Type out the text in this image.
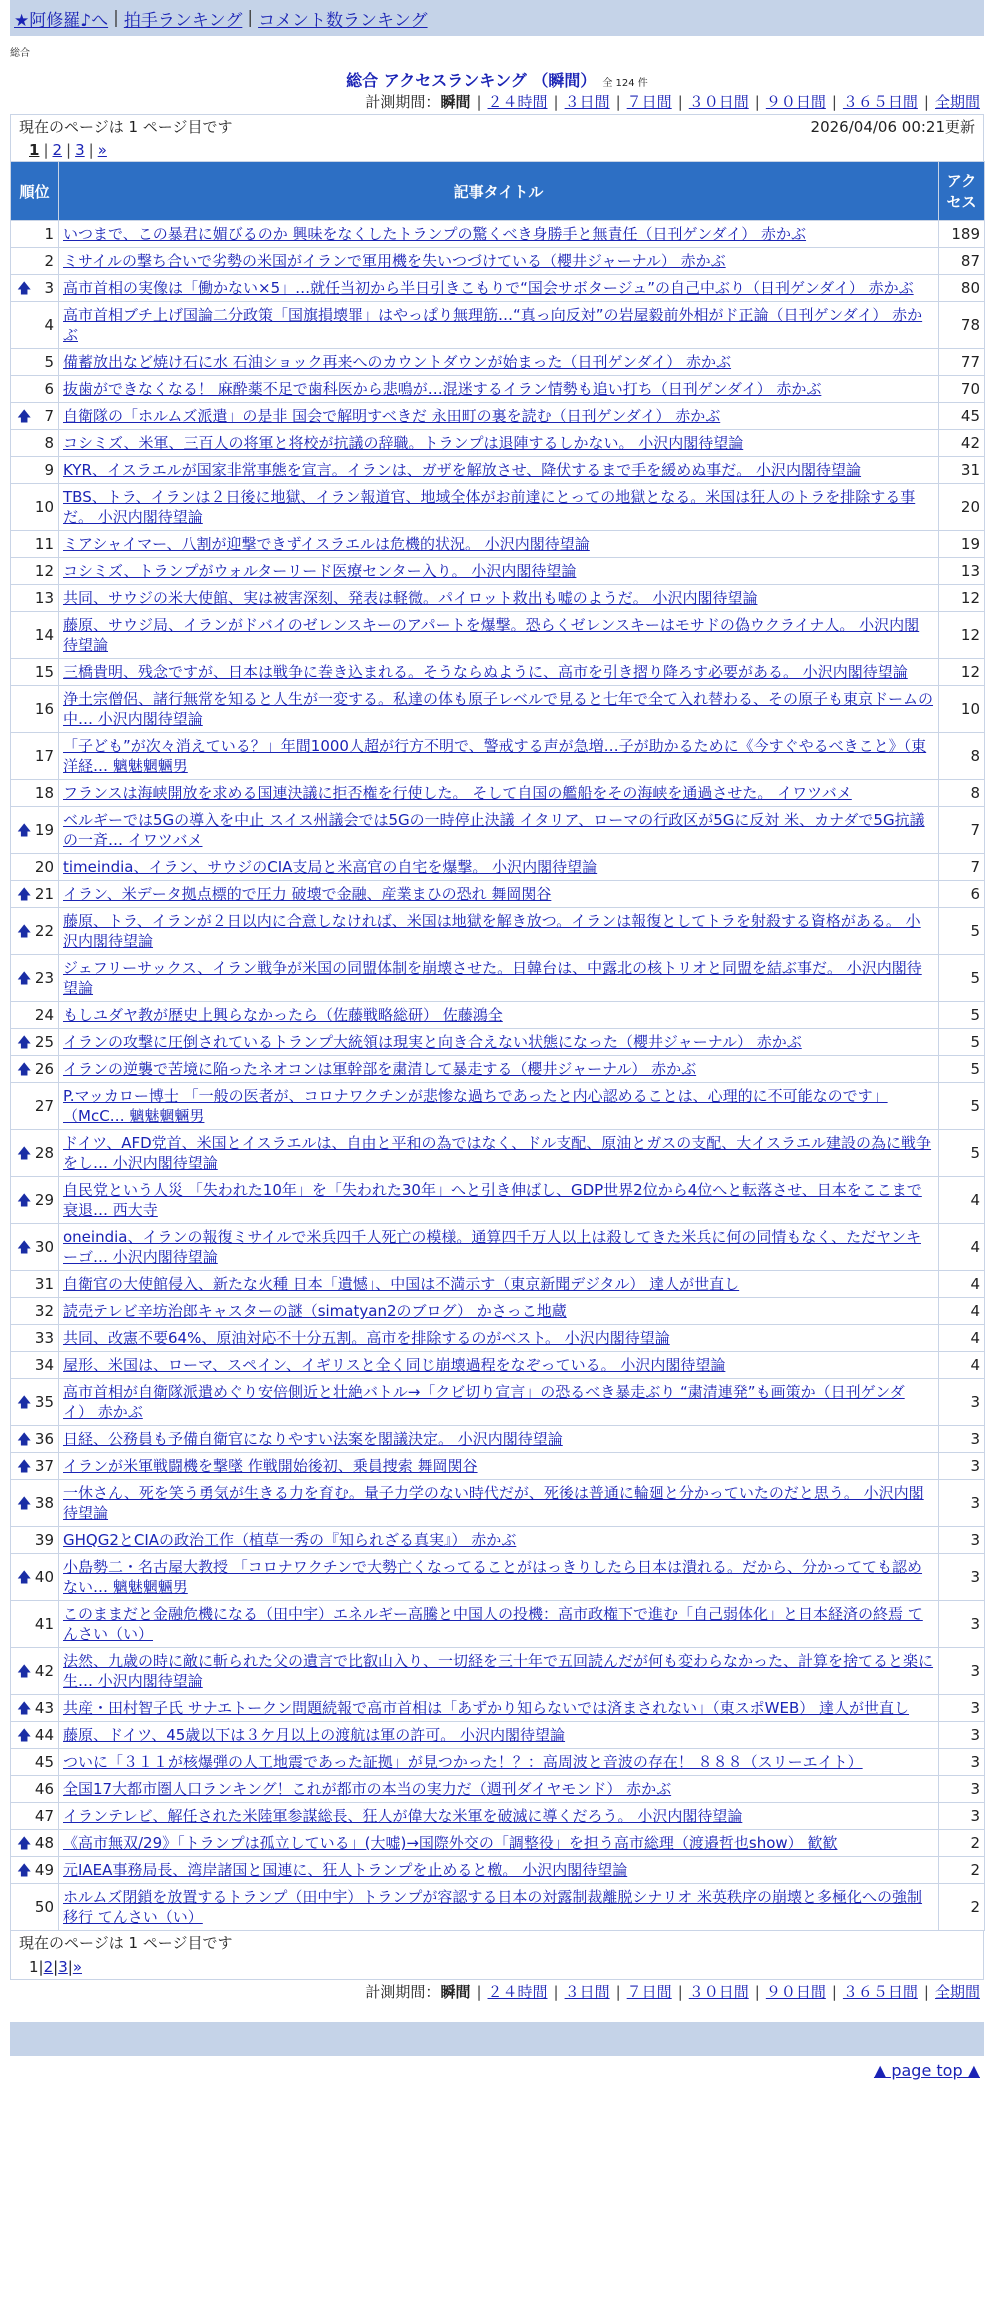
★阿修羅♪へ | 拍手ランキング | コメント数ランキング
総合
総合 アクセスランキング （瞬間） 全 124 件
計測期間：瞬間 | ２４時間 | ３日間 | ７日間 | ３０日間 | ９０日間 | ３６５日間 | 全期間
現在のページは 1 ページ目です	2026/04/06 00:21更新
1 | 2 | 3 | »
順位	記事タイトル	アクセス
1	いつまで、この暴君に媚びるのか 興味をなくしたトランプの驚くべき身勝手と無責任（日刊ゲンダイ） 赤かぶ	189
2	ミサイルの撃ち合いで劣勢の米国がイランで軍用機を失いつづけている（櫻井ジャーナル） 赤かぶ	87

🡅 3	高市首相の実像は「働かない×5」…就任当初から半日引きこもりで“国会サボタージュ”の自己中ぶり（日刊ゲンダイ） 赤かぶ	80
4	高市首相ブチ上げ国論二分政策「国旗損壊罪」はやっぱり無理筋…“真っ向反対”の岩屋毅前外相がド正論（日刊ゲンダイ） 赤かぶ	78
5	備蓄放出など焼け石に水 石油ショック再来へのカウントダウンが始まった（日刊ゲンダイ） 赤かぶ	77
6	抜歯ができなくなる！ 麻酔薬不足で歯科医から悲鳴が…混迷するイラン情勢も追い打ち（日刊ゲンダイ） 赤かぶ	70

🡅 7	自衛隊の「ホルムズ派遣」の是非 国会で解明すべきだ 永田町の裏を読む（日刊ゲンダイ） 赤かぶ	45
8	コシミズ、米軍、三百人の将軍と将校が抗議の辞職。トランプは退陣するしかない。 小沢内閣待望論	42
9	KYR、イスラエルが国家非常事態を宣言。イランは、ガザを解放させ、降伏するまで手を緩めぬ事だ。 小沢内閣待望論	31
10	TBS、トラ、イランは２日後に地獄、イラン報道官、地域全体がお前達にとっての地獄となる。米国は狂人のトラを排除する事だ。 小沢内閣待望論	20
11	ミアシャイマー、八割が迎撃できずイスラエルは危機的状況。 小沢内閣待望論	19
12	コシミズ、トランプがウォルターリード医療センター入り。 小沢内閣待望論	13
13	共同、サウジの米大使館、実は被害深刻、発表は軽微。パイロット救出も嘘のようだ。 小沢内閣待望論	12
14	藤原、サウジ局、イランがドバイのゼレンスキーのアパートを爆撃。恐らくゼレンスキーはモサドの偽ウクライナ人。 小沢内閣待望論	12
15	三橋貴明、残念ですが、日本は戦争に巻き込まれる。そうならぬように、高市を引き摺り降ろす必要がある。 小沢内閣待望論	12
16	浄土宗僧侶、諸行無常を知ると人生が一変する。私達の体も原子レベルで見ると七年で全て入れ替わる、その原子も東京ドームの中… 小沢内閣待望論	10
17	「子ども”が次々消えている？」年間1000人超が行方不明で、警戒する声が急増…子が助かるために《今すぐやるべきこと》（東洋経… 魑魅魍魎男	8
18	フランスは海峡開放を求める国連決議に拒否権を行使した。 そして自国の艦船をその海峡を通過させた。 イワツバメ	8

🡅 19	ベルギーでは5Gの導入を中止 スイス州議会では5Gの一時停止決議 イタリア、ローマの行政区が5Gに反対 米、カナダで5G抗議の一斉… イワツバメ	7
20	timeindia、イラン、サウジのCIA支局と米高官の自宅を爆撃。 小沢内閣待望論	7

🡅 21	イラン、米データ拠点標的で圧力 破壊で金融、産業まひの恐れ 舞岡関谷	6

🡅 22	藤原、トラ、イランが２日以内に合意しなければ、米国は地獄を解き放つ。イランは報復としてトラを射殺する資格がある。 小沢内閣待望論	5

🡅 23	ジェフリーサックス、イラン戦争が米国の同盟体制を崩壊させた。日韓台は、中露北の核トリオと同盟を結ぶ事だ。 小沢内閣待望論	5
24	もしユダヤ教が歴史上興らなかったら（佐藤戦略総研） 佐藤鴻全	5

🡅 25	イランの攻撃に圧倒されているトランプ大統領は現実と向き合えない状態になった（櫻井ジャーナル） 赤かぶ	5

🡅 26	イランの逆襲で苦境に陥ったネオコンは軍幹部を粛清して暴走する（櫻井ジャーナル） 赤かぶ	5
27	P.マッカロー博士 「一般の医者が、コロナワクチンが悲惨な過ちであったと内心認めることは、心理的に不可能なのです」（McC… 魑魅魍魎男	5

🡅 28	ドイツ、AFD党首、米国とイスラエルは、自由と平和の為ではなく、ドル支配、原油とガスの支配、大イスラエル建設の為に戦争をし… 小沢内閣待望論	5

🡅 29	自民党という人災 「失われた10年」を「失われた30年」へと引き伸ばし、GDP世界2位から4位へと転落させ、日本をここまで衰退… 西大寺	4

🡅 30	oneindia、イランの報復ミサイルで米兵四千人死亡の模様。通算四千万人以上は殺してきた米兵に何の同情もなく、ただヤンキーゴ… 小沢内閣待望論	4
31	自衛官の大使館侵入、新たな火種 日本「遺憾」、中国は不満示す（東京新聞デジタル） 達人が世直し	4
32	読売テレビ辛坊治郎キャスターの謎（simatyan2のブログ） かさっこ地蔵	4
33	共同、改憲不要64%、原油対応不十分五割。高市を排除するのがベスト。 小沢内閣待望論	4
34	屋形、米国は、ローマ、スペイン、イギリスと全く同じ崩壊過程をなぞっている。 小沢内閣待望論	4

🡅 35	高市首相が自衛隊派遣めぐり安倍側近と壮絶バトル→「クビ切り宣言」の恐るべき暴走ぶり “粛清連発”も画策か（日刊ゲンダイ） 赤かぶ	3

🡅 36	日経、公務員も予備自衛官になりやすい法案を閣議決定。 小沢内閣待望論	3

🡅 37	イランが米軍戦闘機を撃墜 作戦開始後初、乗員捜索 舞岡関谷	3

🡅 38	一休さん、死を笑う勇気が生きる力を育む。量子力学のない時代だが、死後は普通に輪廻と分かっていたのだと思う。 小沢内閣待望論	3
39	GHQG2とCIAの政治工作（植草一秀の『知られざる真実』） 赤かぶ	3

🡅 40	小島勢二・名古屋大教授 「コロナワクチンで大勢亡くなってることがはっきりしたら日本は潰れる。だから、分かってても認めない… 魑魅魍魎男	3
41	このままだと金融危機になる（田中宇）エネルギー高騰と中国人の投機：高市政権下で進む「自己弱体化」と日本経済の終焉 てんさい（い）	3

🡅 42	法然、九歳の時に敵に斬られた父の遺言で比叡山入り、一切経を三十年で五回読んだが何も変わらなかった、計算を捨てると楽に生… 小沢内閣待望論	3

🡅 43	共産・田村智子氏 サナエトークン問題続報で高市首相は「あずかり知らないでは済まされない」（東スポWEB） 達人が世直し	3

🡅 44	藤原、ドイツ、45歳以下は３ケ月以上の渡航は軍の許可。 小沢内閣待望論	3
45	ついに「３１１が核爆弾の人工地震であった証拠」が見つかった！？：高周波と音波の存在！ ８８８（スリーエイト）	3
46	全国17大都市圏人口ランキング！これが都市の本当の実力だ（週刊ダイヤモンド） 赤かぶ	3
47	イランテレビ、解任された米陸軍参謀総長、狂人が偉大な米軍を破滅に導くだろう。 小沢内閣待望論	3

🡅 48	《高市無双/29》「トランプは孤立している」(大嘘)→国際外交の「調整役」を担う高市総理（渡邉哲也show） 歓歓	2

🡅 49	元IAEA事務局長、湾岸諸国と国連に、狂人トランプを止めると檄。 小沢内閣待望論	2
50	ホルムズ閉鎖を放置するトランプ（田中宇）トランプが容認する日本の対露制裁離脱シナリオ 米英秩序の崩壊と多極化への強制移行 てんさい（い）	2
現在のページは 1 ページ目です
1|2|3|»
計測期間：瞬間 | ２４時間 | ３日間 | ７日間 | ３０日間 | ９０日間 | ３６５日間 | 全期間
▲ page top ▲
